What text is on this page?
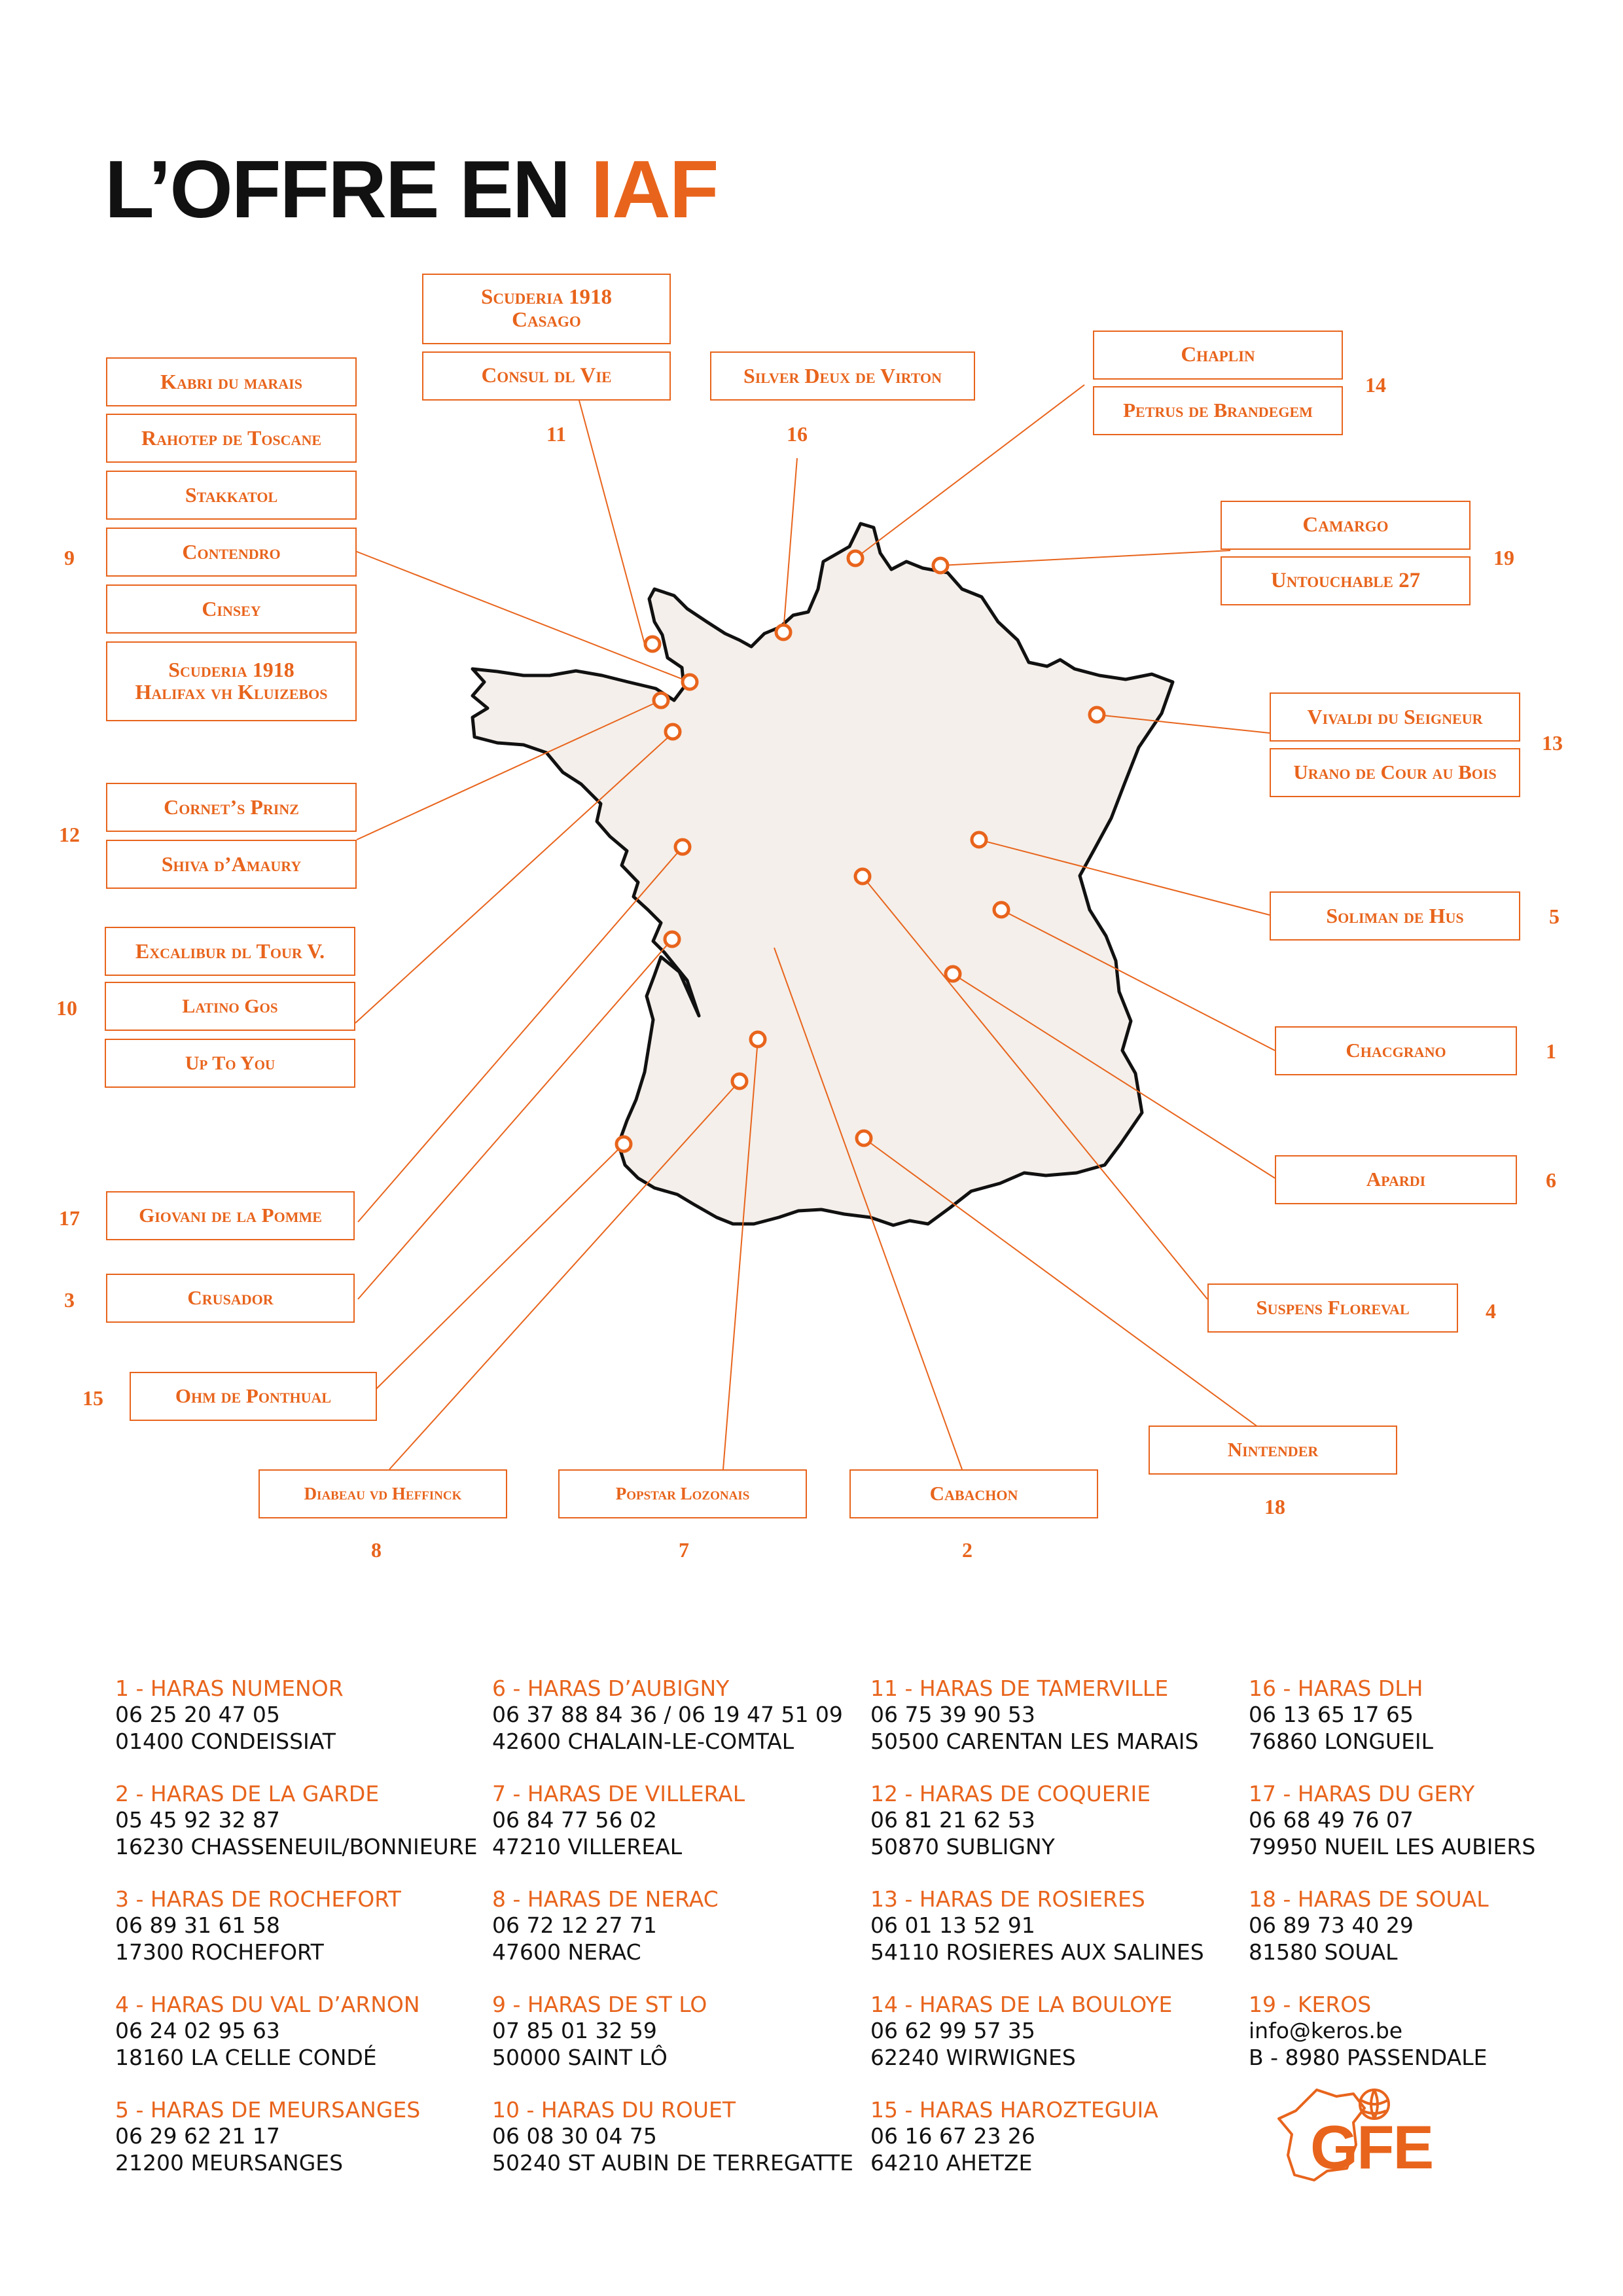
L’OFFRE EN IAF
Scuderia 1918
Casago
Consul dl Vie	Silver Deux de Virton
Chaplin
Petrus de Brandegem
Kabri du marais
Rahotep de Toscane
Stakkatol
Contendro
Cinsey
Scuderia 1918
Halifax vh Kluizebos
Camargo
Untouchable 27
Vivaldi du Seigneur
Urano de Cour au Bois
Cornet’s Prinz
Shiva d’Amaury
Soliman de Hus
Excalibur dl Tour V.
Latino Gos
Up To You
Chacgrano
Apardi
Giovani de la Pomme
Crusador	Suspens Floreval
Ohm de Ponthual
Nintender
Diabeau vd Heffinck	Popstar Lozonais	Cabachon
11	16
14
9	19
13
12
5
10
1
6
17
3	4
15
18
8	7	2
1 - HARAS NUMENOR
06 25 20 47 05
01400 CONDEISSIAT
2 - HARAS DE LA GARDE
05 45 92 32 87
16230 CHASSENEUIL/BONNIEURE
3 - HARAS DE ROCHEFORT
06 89 31 61 58
17300 ROCHEFORT
4 - HARAS DU VAL D’ARNON
06 24 02 95 63
18160 LA CELLE CONDÉ
5 - HARAS DE MEURSANGES
06 29 62 21 17
21200 MEURSANGES
6 - HARAS D’AUBIGNY
06 37 88 84 36 / 06 19 47 51 09
42600 CHALAIN-LE-COMTAL
7 - HARAS DE VILLERAL
06 84 77 56 02
47210 VILLEREAL
8 - HARAS DE NERAC
06 72 12 27 71
47600 NERAC
9 - HARAS DE ST LO
07 85 01 32 59
50000 SAINT LÔ
10 - HARAS DU ROUET
06 08 30 04 75
50240 ST AUBIN DE TERREGATTE
11 - HARAS DE TAMERVILLE
06 75 39 90 53
50500 CARENTAN LES MARAIS
12 - HARAS DE COQUERIE
06 81 21 62 53
50870 SUBLIGNY
13 - HARAS DE ROSIERES
06 01 13 52 91
54110 ROSIERES AUX SALINES
14 - HARAS DE LA BOULOYE
06 62 99 57 35
62240 WIRWIGNES
15 - HARAS HAROZTEGUIA
06 16 67 23 26
64210 AHETZE
16 - HARAS DLH
06 13 65 17 65
76860 LONGUEIL
17 - HARAS DU GERY
06 68 49 76 07
79950 NUEIL LES AUBIERS
18 - HARAS DE SOUAL
06 89 73 40 29
81580 SOUAL
19 - KEROS
info@keros.be
B - 8980 PASSENDALE
GFE
